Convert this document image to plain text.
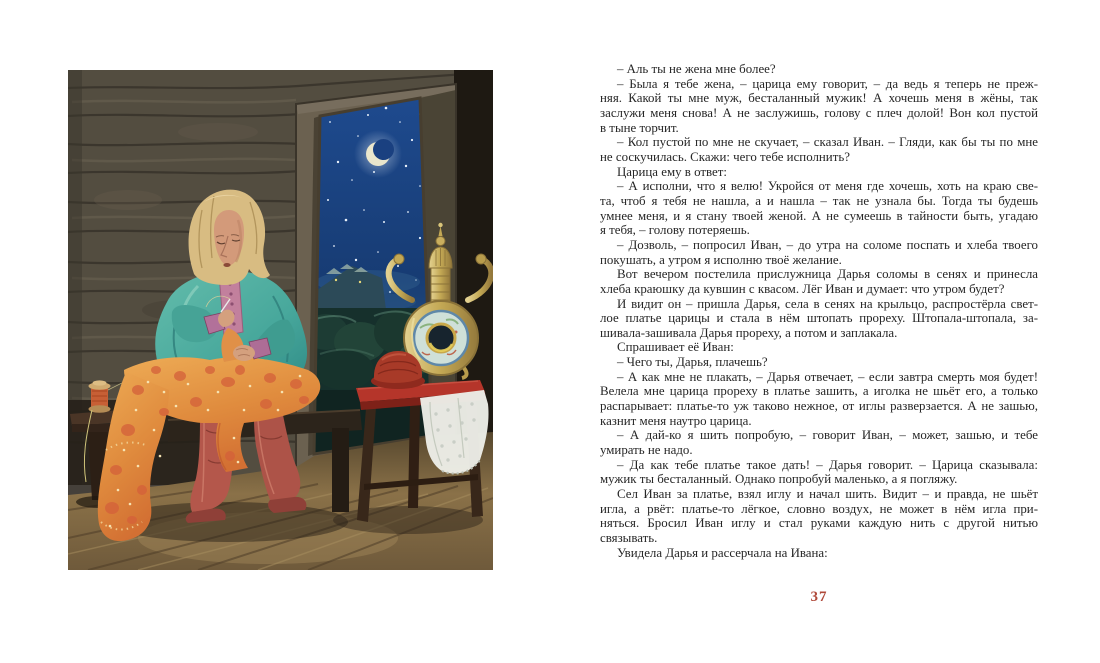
– Аль ты не жена мне более?
– Была я тебе жена, – царица ему говорит, – да ведь я теперь не преж-
няя. Какой ты мне муж, бесталанный мужик! А хочешь меня в жёны, так
заслужи меня снова! А не заслужишь, голову с плеч долой! Вон кол пустой
в тыне торчит.
– Кол пустой по мне не скучает, – сказал Иван. – Гляди, как бы ты по мне
не соскучилась. Скажи: чего тебе исполнить?
Царица ему в ответ:
– А исполни, что я велю! Укройся от меня где хочешь, хоть на краю све-
та, чтоб я тебя не нашла, а и нашла – так не узнала бы. Тогда ты будешь
умнее меня, и я стану твоей женой. А не сумеешь в тайности быть, угадаю
я тебя, – голову потеряешь.
– Дозволь, – попросил Иван, – до утра на соломе поспать и хлеба твоего
покушать, а утром я исполню твоё желание.
Вот вечером постелила прислужница Дарья соломы в сенях и принесла
хлеба краюшку да кувшин с квасом. Лёг Иван и думает: что утром будет?
И видит он – пришла Дарья, села в сенях на крыльцо, распростёрла свет-
лое платье царицы и стала в нём штопать прореху. Штопала-штопала, за-
шивала-зашивала Дарья прореху, а потом и заплакала.
Спрашивает её Иван:
– Чего ты, Дарья, плачешь?
– А как мне не плакать, – Дарья отвечает, – если завтра смерть моя будет!
Велела мне царица прореху в платье зашить, а иголка не шьёт его, а только
распарывает: платье-то уж таково нежное, от иглы разверзается. А не зашью,
казнит меня наутро царица.
– А дай-ко я шить попробую, – говорит Иван, – может, зашью, и тебе
умирать не надо.
– Да как тебе платье такое дать! – Дарья говорит. – Царица сказывала:
мужик ты бесталанный. Однако попробуй маленько, а я погляжу.
Сел Иван за платье, взял иглу и начал шить. Видит – и правда, не шьёт
игла, а рвёт: платье-то лёгкое, словно воздух, не может в нём игла при-
няться. Бросил Иван иглу и стал руками каждую нить с другой нитью
связывать.
Увидела Дарья и рассерчала на Ивана:
37
